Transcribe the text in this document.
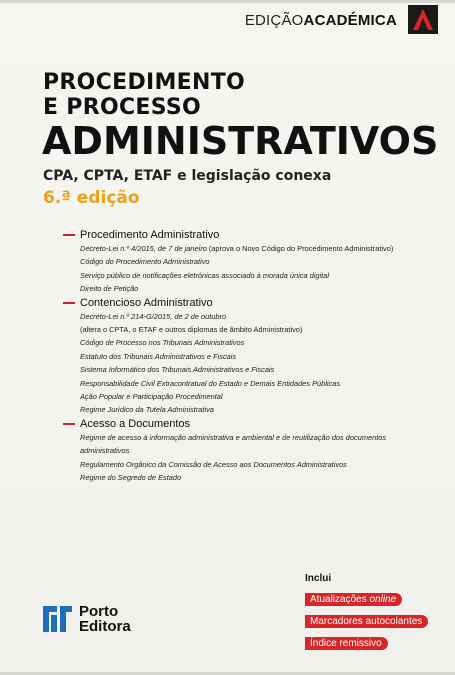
EDIÇÃOACADÉMICA
PROCEDIMENTO
E PROCESSO
ADMINISTRATIVOS
CPA, CPTA, ETAF e legislação conexa
6.ª edição
Procedimento Administrativo
Decreto-Lei n.º 4/2015, de 7 de janeiro (aprova o Novo Código do Procedimento Administrativo)
Código do Procedimento Administrativo
Serviço público de notificações eletrónicas associado à morada única digital
Direito de Petição
Contencioso Administrativo
Decreto-Lei n.º 214-G/2015, de 2 de outubro
(altera o CPTA, o ETAF e outros diplomas de âmbito Administrativo)
Código de Processo nos Tribunais Administrativos
Estatuto dos Tribunais Administrativos e Fiscais
Sistema Informático dos Tribunais Administrativos e Fiscais
Responsabilidade Civil Extracontratual do Estado e Demais Entidades Públicas
Ação Popular e Participação Procedimental
Regime Jurídico da Tutela Administrativa
Acesso a Documentos
Regime de acesso à informação administrativa e ambiental e de reutilização dos documentos
administrativos
Regulamento Orgânico da Comissão de Acesso aos Documentos Administrativos
Regime do Segredo de Estado
Inclui
Atualizações online
Marcadores autocolantes
Índice remissivo
Porto
Editora
